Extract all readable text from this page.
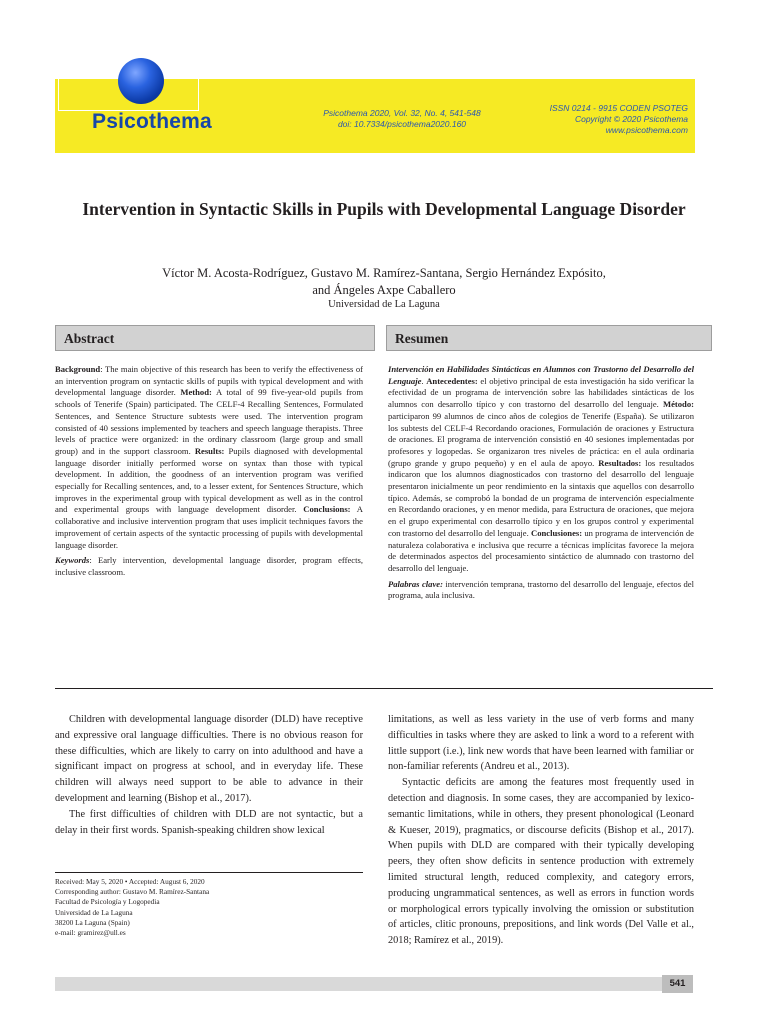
Psicothema	Psicothema 2020, Vol. 32, No. 4, 541-548
doi: 10.7334/psicothema2020.160
ISSN 0214 - 9915 CODEN PSOTEG
Copyright © 2020 Psicothema
www.psicothema.com
Intervention in Syntactic Skills in Pupils with Developmental Language Disorder
Víctor M. Acosta-Rodríguez, Gustavo M. Ramírez-Santana, Sergio Hernández Expósito,
and Ángeles Axpe Caballero
Universidad de La Laguna
Abstract

Background: The main objective of this research has been to verify the effectiveness of an intervention program on syntactic skills of pupils with typical development and with developmental language disorder. Method: A total of 99 five-year-old pupils from schools of Tenerife (Spain) participated. The CELF-4 Recalling Sentences, Formulated Sentences, and Sentence Structure subtests were used. The intervention program consisted of 40 sessions implemented by teachers and speech language therapists. Three levels of practice were organized: in the ordinary classroom (large group and small group) and in the support classroom. Results: Pupils diagnosed with developmental language disorder initially performed worse on syntax than those with typical development. In addition, the goodness of an intervention program was verified especially for Recalling sentences, and, to a lesser extent, for Sentences Structure, which improves in the experimental group with typical development as well as in the control and experimental groups with language development disorder. Conclusions: A collaborative and inclusive intervention program that uses implicit techniques favors the improvement of certain aspects of the syntactic processing of pupils with developmental language disorder.

Keywords: Early intervention, developmental language disorder, program effects, inclusive classroom.

Resumen

Intervención en Habilidades Sintácticas en Alumnos con Trastorno del Desarrollo del Lenguaje. Antecedentes: el objetivo principal de esta investigación ha sido verificar la efectividad de un programa de intervención sobre las habilidades sintácticas de los alumnos con desarrollo típico y con trastorno del desarrollo del lenguaje. Método: participaron 99 alumnos de cinco años de colegios de Tenerife (España). Se utilizaron los subtests del CELF-4 Recordando oraciones, Formulación de oraciones y Estructura de oraciones. El programa de intervención consistió en 40 sesiones implementadas por profesores y logopedas. Se organizaron tres niveles de práctica: en el aula ordinaria (grupo grande y grupo pequeño) y en el aula de apoyo. Resultados: los resultados indicaron que los alumnos diagnosticados con trastorno del desarrollo del lenguaje presentaron inicialmente un peor rendimiento en la sintaxis que aquellos con desarrollo típico. Además, se comprobó la bondad de un programa de intervención especialmente en Recordando oraciones, y en menor medida, para Estructura de oraciones, que mejora en el grupo experimental con desarrollo típico y en los grupos control y experimental con trastorno del desarrollo del lenguaje. Conclusiones: un programa de intervención de naturaleza colaborativa e inclusiva que recurre a técnicas implícitas favorece la mejora de determinados aspectos del procesamiento sintáctico de alumnado con trastorno del desarrollo del lenguaje.

Palabras clave: intervención temprana, trastorno del desarrollo del lenguaje, efectos del programa, aula inclusiva.

Children with developmental language disorder (DLD) have receptive and expressive oral language difficulties. There is no obvious reason for these difficulties, which are likely to carry on into adulthood and have a significant impact on progress at school, and in everyday life. These children will always need support to be able to advance in their development and learning (Bishop et al., 2017).

The first difficulties of children with DLD are not syntactic, but a delay in their first words. Spanish-speaking children show lexical

limitations, as well as less variety in the use of verb forms and many difficulties in tasks where they are asked to link a word to a referent with little support (i.e.), link new words that have been learned with familiar or non-familiar referents (Andreu et al., 2013).

Syntactic deficits are among the features most frequently used in detection and diagnosis. In some cases, they are accompanied by lexico-semantic limitations, while in others, they present phonological (Leonard & Kueser, 2019), pragmatics, or discourse deficits (Bishop et al., 2017). When pupils with DLD are compared with their typically developing peers, they often show deficits in sentence production with extremely limited structural length, reduced complexity, and category errors, producing ungrammatical sentences, as well as errors in function words or morphological errors typically involving the omission or substitution of articles, clitic pronouns, prepositions, and link words (Del Valle et al., 2018; Ramírez et al., 2019).

Received: May 5, 2020 • Accepted: August 6, 2020
Corresponding author: Gustavo M. Ramírez-Santana
Facultad de Psicología y Logopedia
Universidad de La Laguna
38200 La Laguna (Spain)
e-mail: gramirez@ull.es
541
